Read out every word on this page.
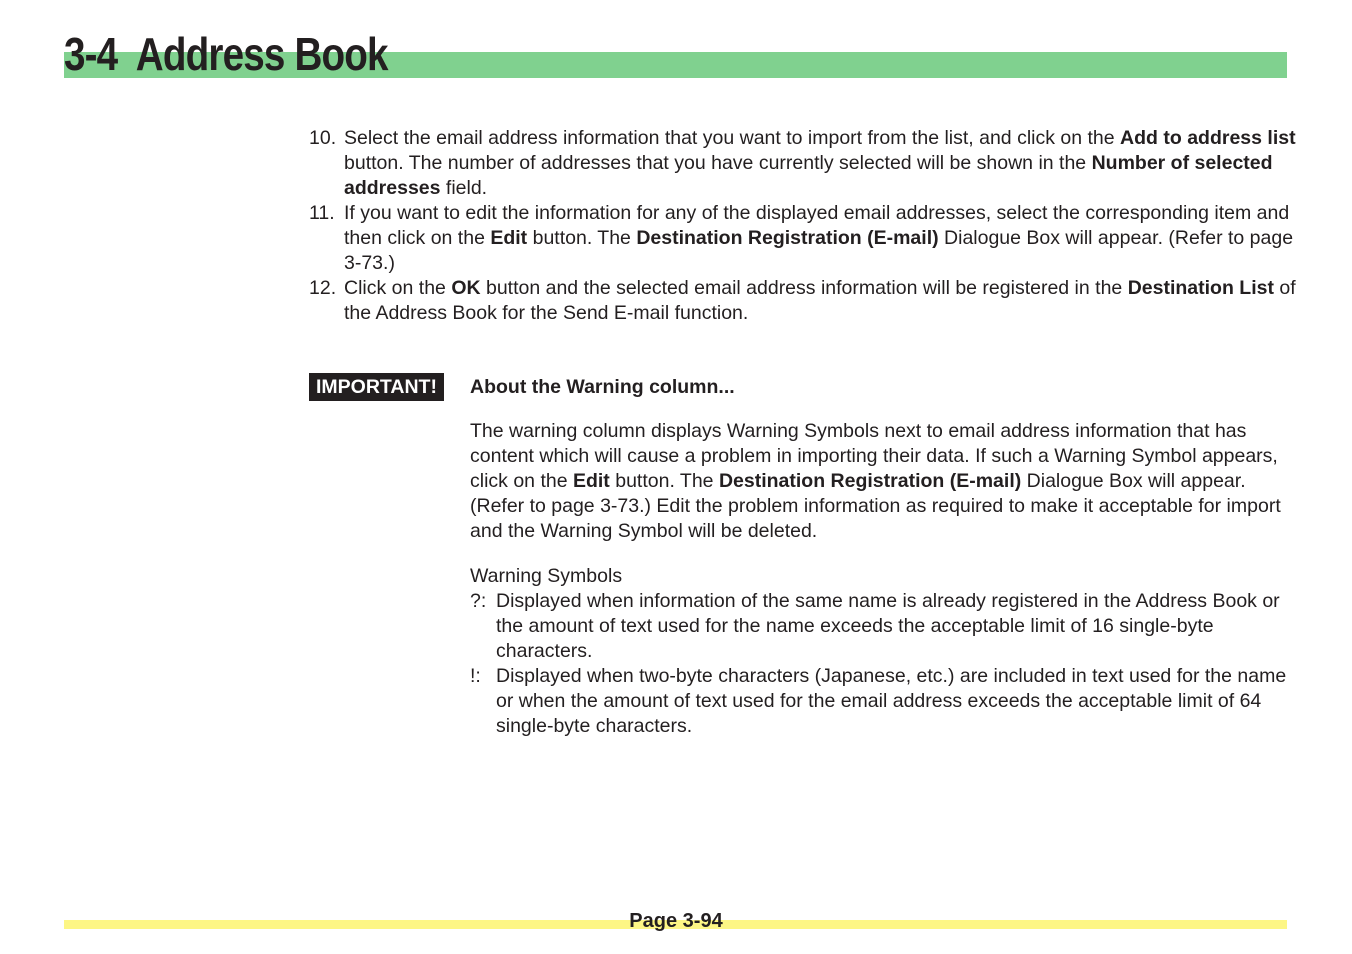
3-4 Address Book
10. Select the email address information that you want to import from the list, and click on the Add to address list button. The number of addresses that you have currently selected will be shown in the Number of selected addresses field.
11. If you want to edit the information for any of the displayed email addresses, select the corresponding item and then click on the Edit button. The Destination Registration (E-mail) Dialogue Box will appear. (Refer to page 3-73.)
12. Click on the OK button and the selected email address information will be registered in the Destination List of the Address Book for the Send E-mail function.
IMPORTANT!	About the Warning column...

The warning column displays Warning Symbols next to email address information that has content which will cause a problem in importing their data. If such a Warning Symbol appears, click on the Edit button. The Destination Registration (E-mail) Dialogue Box will appear. (Refer to page 3-73.) Edit the problem information as required to make it acceptable for import and the Warning Symbol will be deleted.

Warning Symbols
?: Displayed when information of the same name is already registered in the Address Book or the amount of text used for the name exceeds the acceptable limit of 16 single-byte characters.
!: Displayed when two-byte characters (Japanese, etc.) are included in text used for the name or when the amount of text used for the email address exceeds the acceptable limit of 64 single-byte characters.
Page 3-94
